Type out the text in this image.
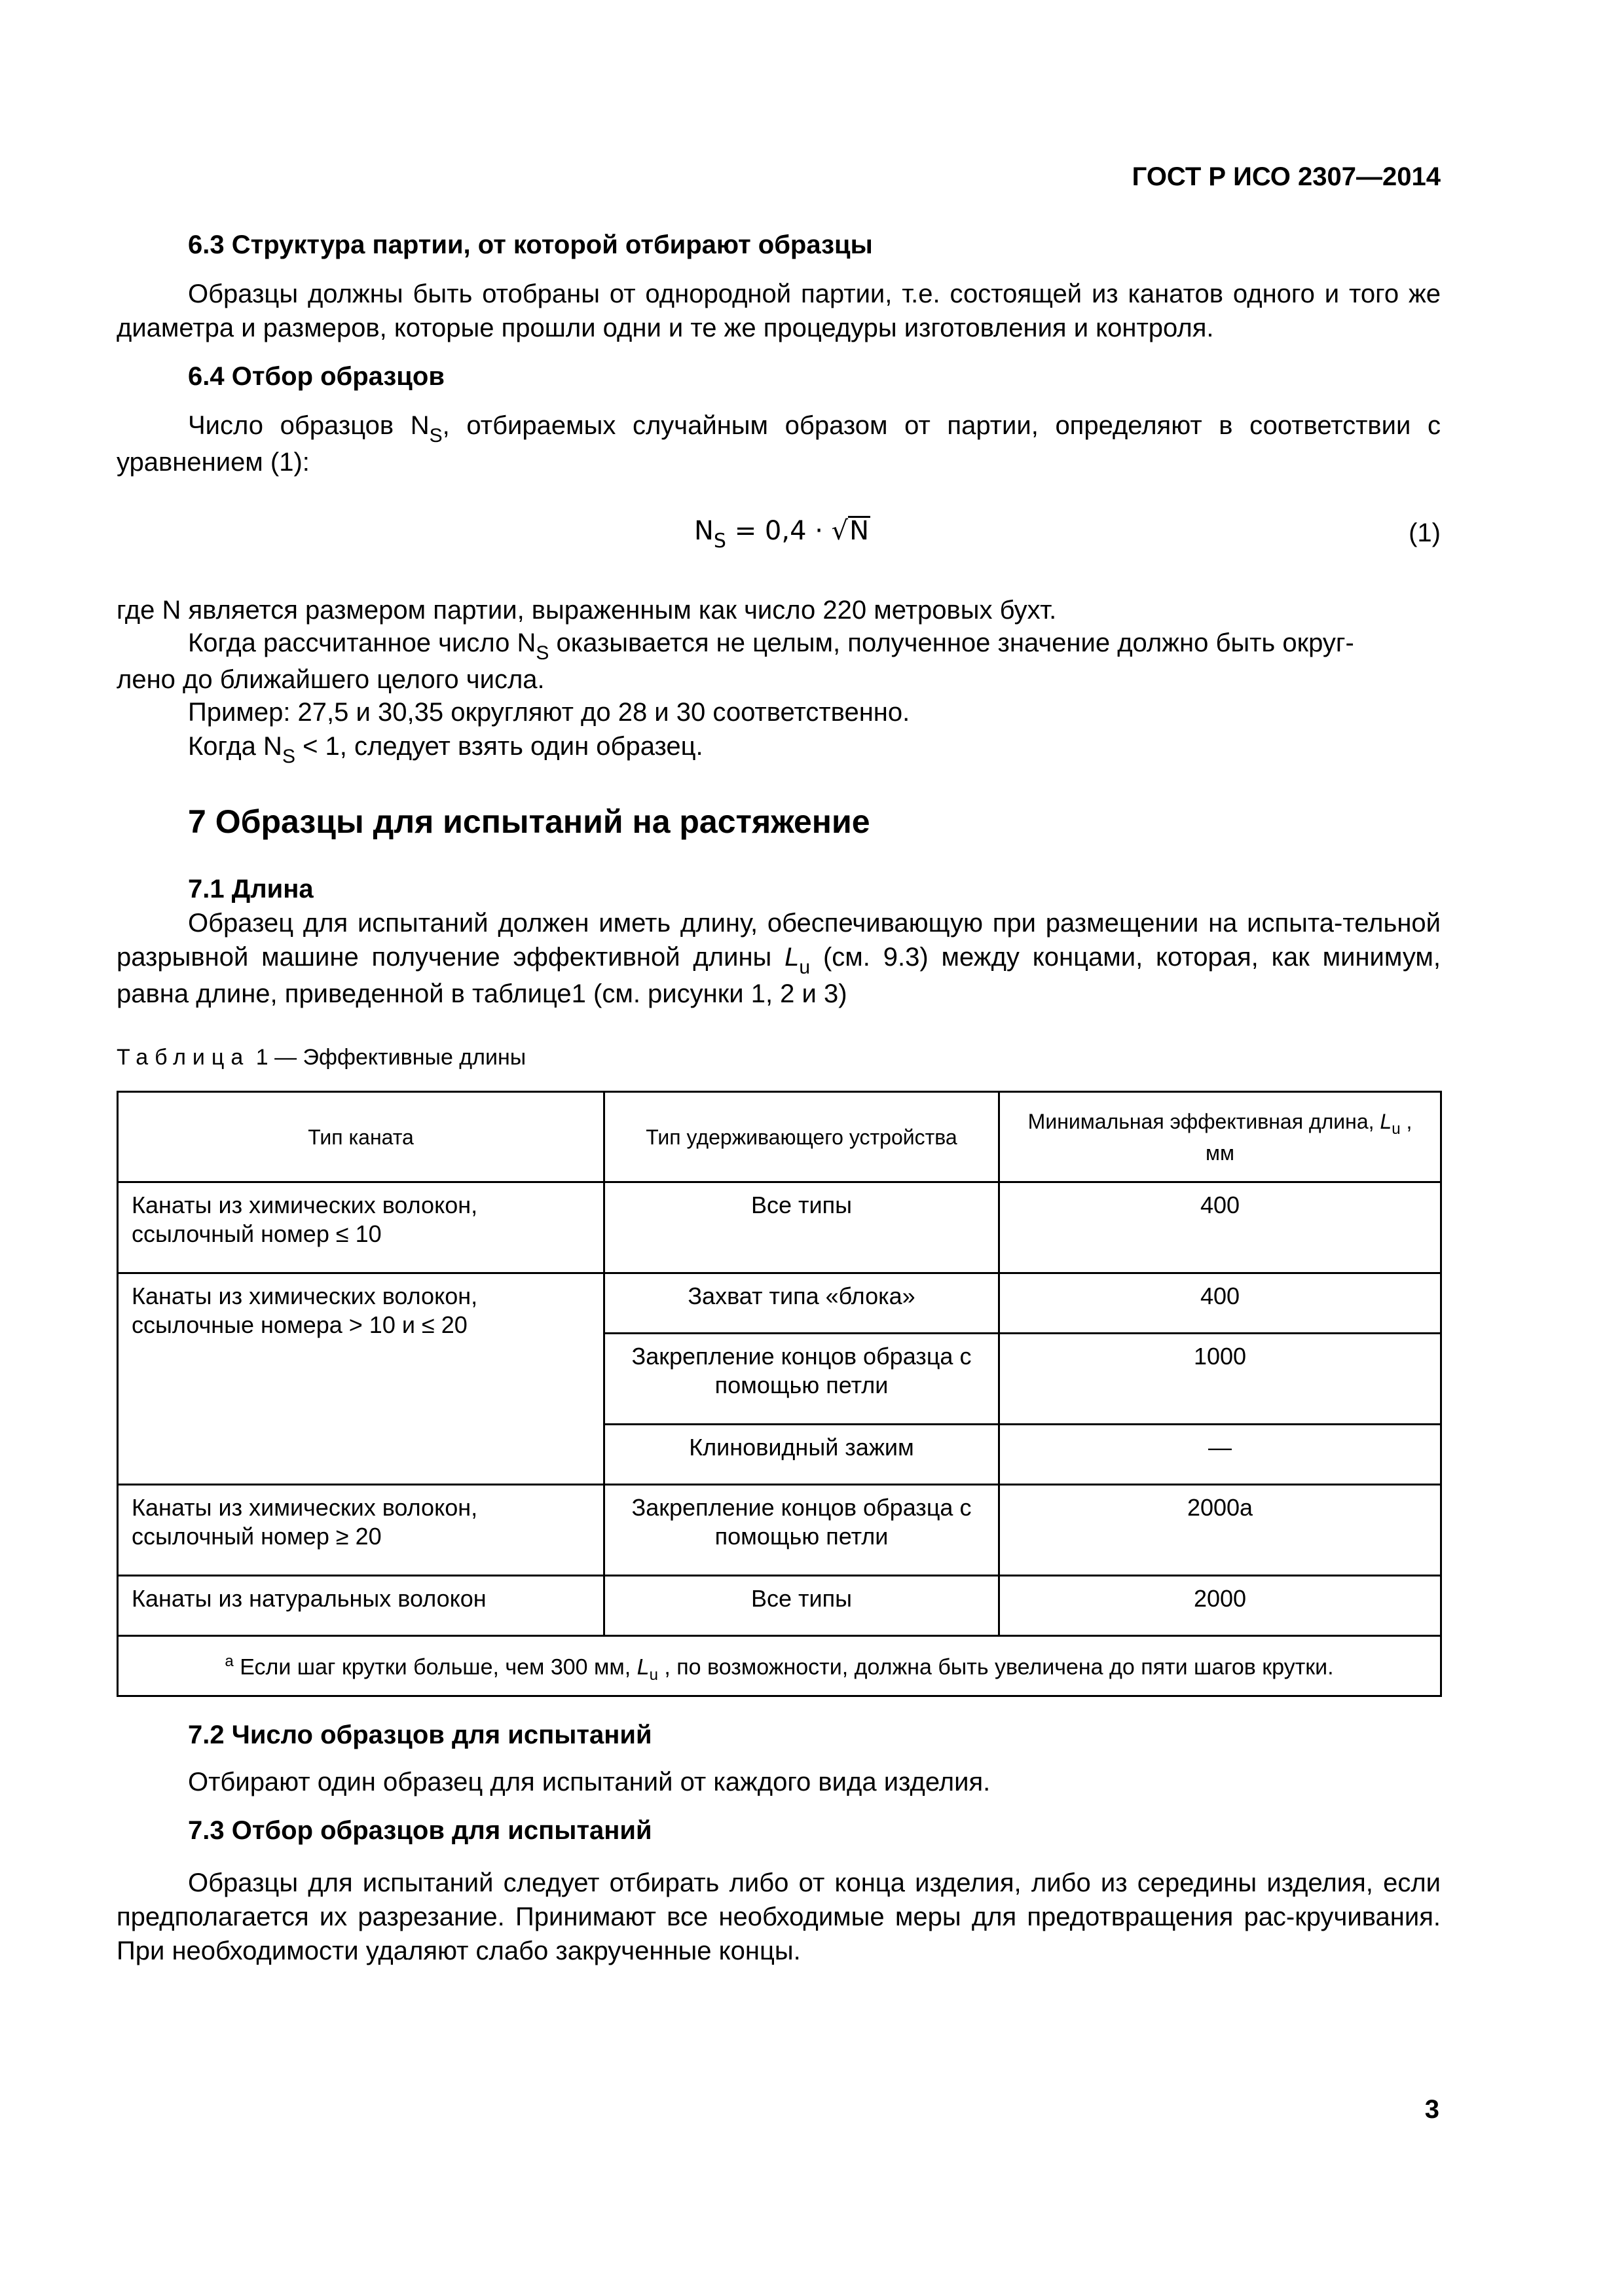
ГОСТ Р ИСО 2307—2014
6.3 Структура партии, от которой отбирают образцы
Образцы должны быть отобраны от однородной партии, т.е. состоящей из канатов одного и того же диаметра и размеров, которые прошли одни и те же процедуры изготовления и контроля.
6.4 Отбор образцов
Число образцов $N_S$, отбираемых случайным образом от партии, определяют в соответствии с уравнением (1):
$N_S = 0,4 \cdot √N$	(1)
где N является размером партии, выраженным как число 220 метровых бухт.
Когда рассчитанное число $N_S$ оказывается не целым, полученное значение должно быть округ-
лено до ближайшего целого числа.
Пример: 27,5 и 30,35 округляют до 28 и 30 соответственно.
Когда $N_S < 1$, следует взять один образец.
7 Образцы для испытаний на растяжение
7.1 Длина
Образец для испытаний должен иметь длину, обеспечивающую при размещении на испыта-тельной разрывной машине получение эффективной длины $L_u$ (см. 9.3) между концами, которая, как минимум, равна длине, приведенной в таблице1 (см. рисунки 1, 2 и 3)
Таблица 1 — Эффективные длины
Тип каната	Тип удерживающего устройства	Минимальная эффективная длина, $L_u$ ,
мм
Канаты из химических волокон, ссылочный номер ≤ 10	Все типы	400
Канаты из химических волокон, ссылочные номера > 10 и ≤ 20	Захват типа «блока»	400
	Закрепление концов образца с помощью петли	1000
	Клиновидный зажим	—
Канаты из химических волокон, ссылочный номер ≥ 20	Закрепление концов образца с помощью петли	2000a
Канаты из натуральных волокон	Все типы	2000
$^a$ Если шаг крутки больше, чем 300 мм, $L_u$ , по возможности, должна быть увеличена до пяти шагов крутки.		
7.2 Число образцов для испытаний
Отбирают один образец для испытаний от каждого вида изделия.
7.3 Отбор образцов для испытаний
Образцы для испытаний следует отбирать либо от конца изделия, либо из середины изделия, если предполагается их разрезание. Принимают все необходимые меры для предотвращения рас-кручивания. При необходимости удаляют слабо закрученные концы.
3
